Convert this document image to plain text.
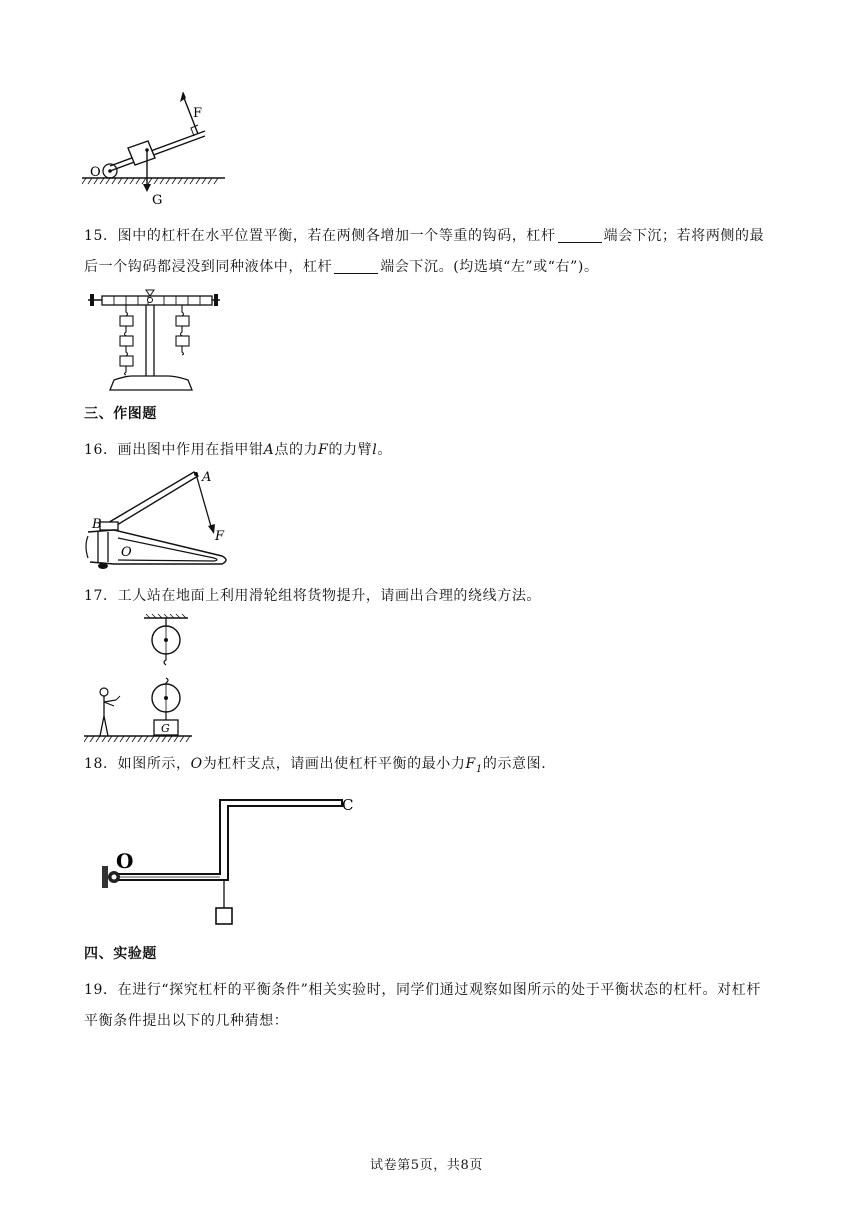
F
G
O
15．图中的杠杆在水平位置平衡，若在两侧各增加一个等重的钩码，杠杆	端会下沉；若将两侧的最
后一个钩码都浸没到同种液体中，杠杆	端会下沉。(均选填“左”或“右”)。
三、作图题
16．画出图中作用在指甲钳A点的力F的力臂l。
A
B
O
F
17．工人站在地面上利用滑轮组将货物提升，请画出合理的绕线方法。
G
18．如图所示，O为杠杆支点，请画出使杠杆平衡的最小力$F_1$的示意图.
O
C
四、实验题
19．在进行“探究杠杆的平衡条件”相关实验时，同学们通过观察如图所示的处于平衡状态的杠杆。对杠杆
平衡条件提出以下的几种猜想：
试卷第5页，共8页
